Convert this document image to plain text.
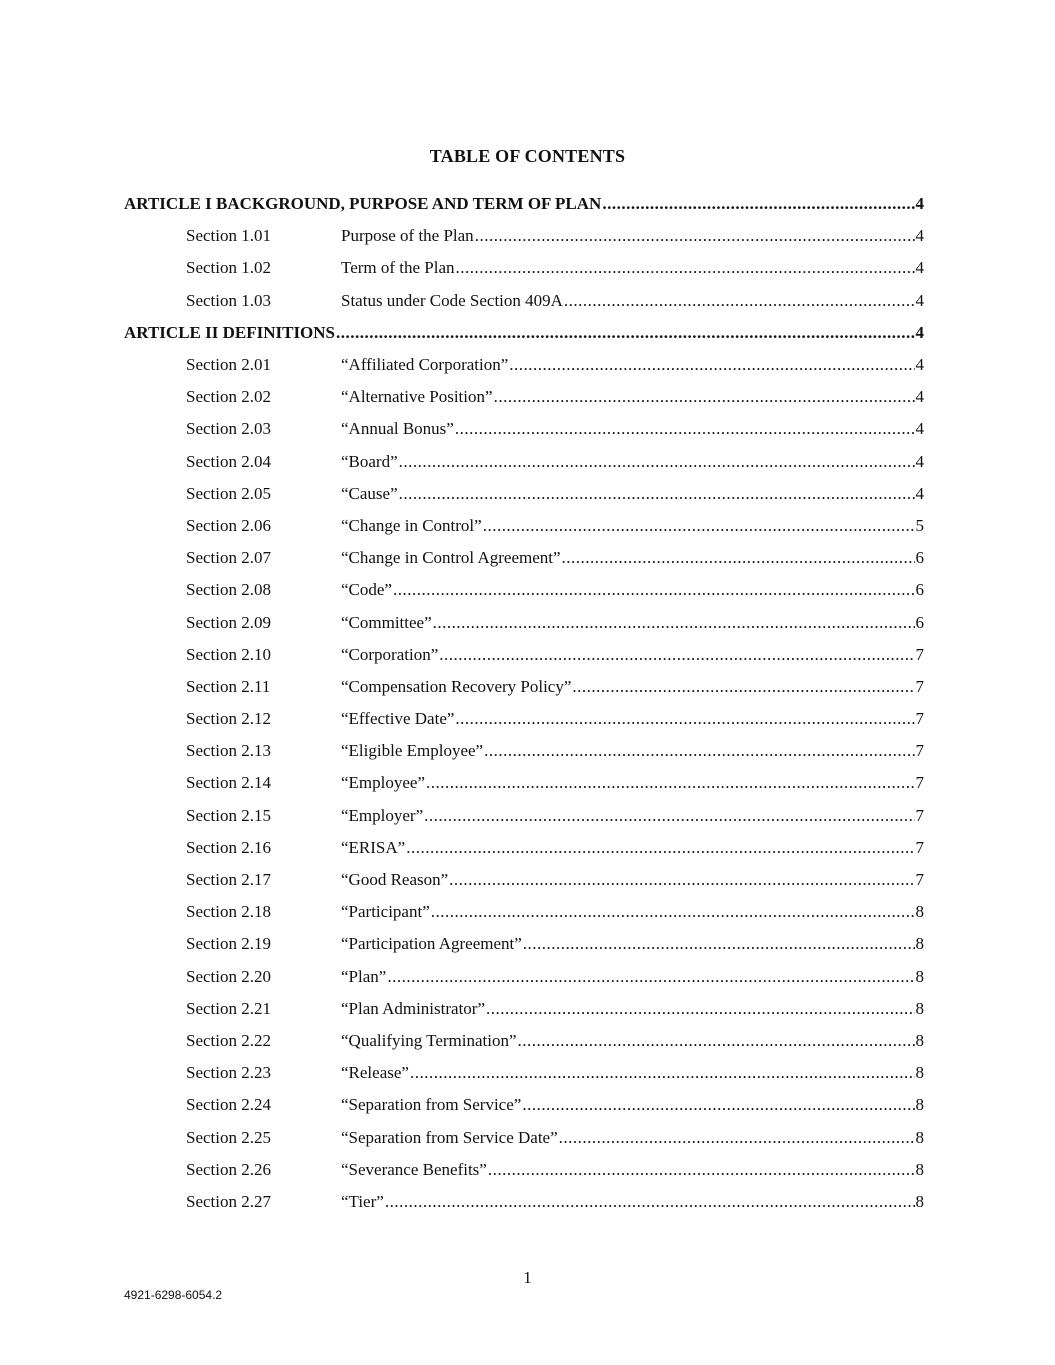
TABLE OF CONTENTS
ARTICLE I BACKGROUND, PURPOSE AND TERM OF PLAN .....	4
Section 1.01	Purpose of the Plan .....	4
Section 1.02	Term of the Plan .....	4
Section 1.03	Status under Code Section 409A .....	4
ARTICLE II DEFINITIONS .....	4
Section 2.01	“Affiliated Corporation” .....	4
Section 2.02	“Alternative Position” .....	4
Section 2.03	“Annual Bonus” .....	4
Section 2.04	“Board” .....	4
Section 2.05	“Cause” .....	4
Section 2.06	“Change in Control” .....	5
Section 2.07	“Change in Control Agreement” .....	6
Section 2.08	“Code” .....	6
Section 2.09	“Committee” .....	6
Section 2.10	“Corporation” .....	7
Section 2.11	“Compensation Recovery Policy” .....	7
Section 2.12	“Effective Date” .....	7
Section 2.13	“Eligible Employee” .....	7
Section 2.14	“Employee” .....	7
Section 2.15	“Employer” .....	7
Section 2.16	“ERISA” .....	7
Section 2.17	“Good Reason” .....	7
Section 2.18	“Participant” .....	8
Section 2.19	“Participation Agreement” .....	8
Section 2.20	“Plan” .....	8
Section 2.21	“Plan Administrator” .....	8
Section 2.22	“Qualifying Termination” .....	8
Section 2.23	“Release” .....	8
Section 2.24	“Separation from Service” .....	8
Section 2.25	“Separation from Service Date” .....	8
Section 2.26	“Severance Benefits” .....	8
Section 2.27	“Tier” .....	8
1
4921-6298-6054.2
